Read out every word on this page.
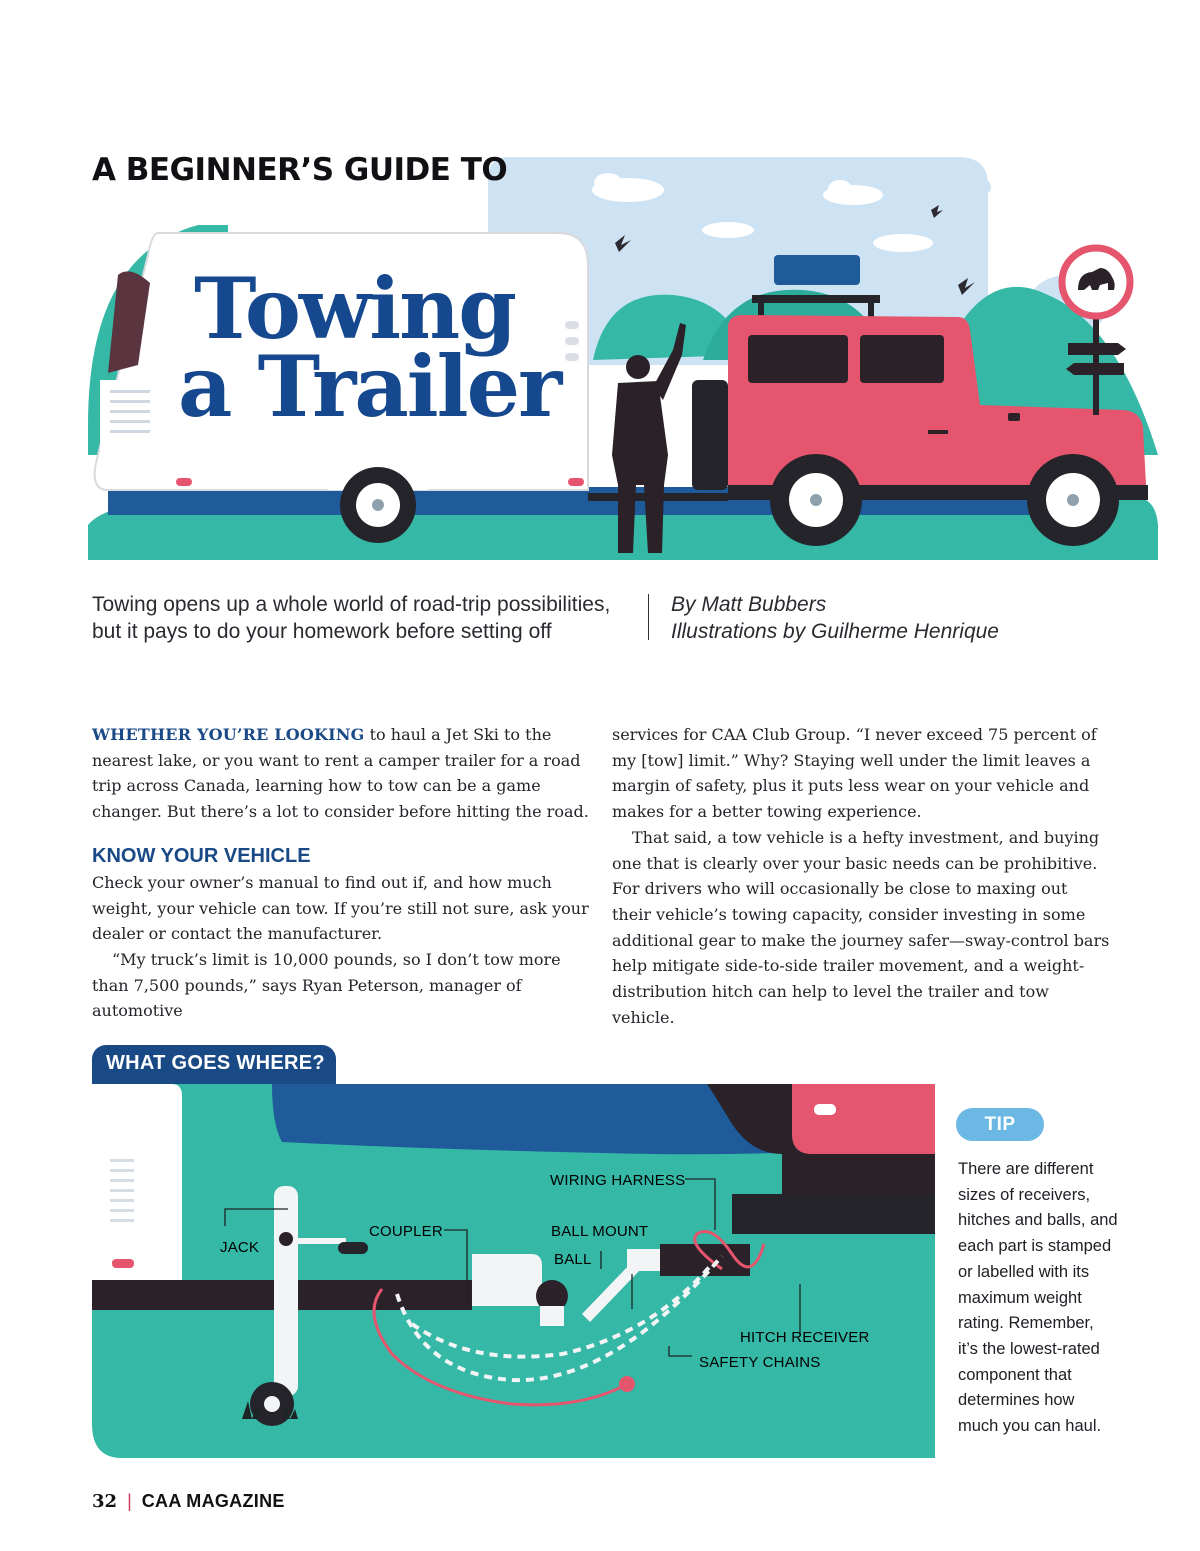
A BEGINNER’S GUIDE TO
Towing
a Trailer

Towing opens up a whole world of road-trip possibilities, but it pays to do your homework before setting off

By Matt Bubbers
Illustrations by Guilherme Henrique

WHETHER YOU’RE LOOKING to haul a Jet Ski to the nearest lake, or you want to rent a camper trailer for a road trip across Canada, learning how to tow can be a game changer. But there’s a lot to consider before hitting the road.

KNOW YOUR VEHICLE

Check your owner’s manual to find out if, and how much weight, your vehicle can tow. If you’re still not sure, ask your dealer or contact the manufacturer.

“My truck’s limit is 10,000 pounds, so I don’t tow more than 7,500 pounds,” says Ryan Peterson, manager of automotive

services for CAA Club Group. “I never exceed 75 percent of my [tow] limit.” Why? Staying well under the limit leaves a margin of safety, plus it puts less wear on your vehicle and makes for a better towing experience.

That said, a tow vehicle is a hefty investment, and buying one that is clearly over your basic needs can be prohibitive. For drivers who will occasionally be close to maxing out their vehicle’s towing capacity, consider investing in some additional gear to make the journey safer—sway-control bars help mitigate side-to-side trailer movement, and a weight-distribution hitch can help to level the trailer and tow vehicle.

WHAT GOES WHERE?
JACK
COUPLER
WIRING HARNESS
BALL MOUNT
BALL
HITCH RECEIVER
SAFETY CHAINS
TIP

There are different sizes of receivers, hitches and balls, and each part is stamped or labelled with its maximum weight rating. Remember, it’s the lowest-rated component that determines how much you can haul.

32 | CAA MAGAZINE
